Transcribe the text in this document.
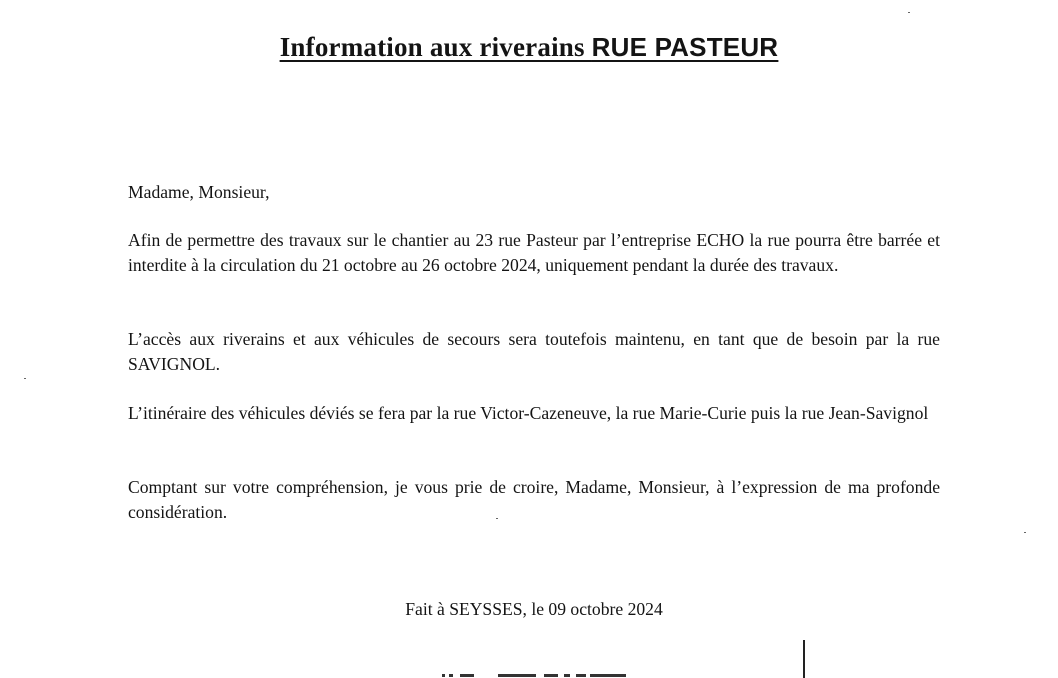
Information aux riverains RUE PASTEUR

Madame, Monsieur,

Afin de permettre des travaux sur le chantier au 23 rue Pasteur par l’entreprise ECHO la rue pourra être barrée et interdite à la circulation du 21 octobre au 26 octobre 2024, uniquement pendant la durée des travaux.

L’accès aux riverains et aux véhicules de secours sera toutefois maintenu, en tant que de besoin par la rue SAVIGNOL.

L’itinéraire des véhicules déviés se fera par la rue Victor-Cazeneuve, la rue Marie-Curie puis la rue Jean-Savignol

Comptant sur votre compréhension, je vous prie de croire, Madame, Monsieur, à l’expression de ma profonde considération.

Fait à SEYSSES, le 09 octobre 2024
